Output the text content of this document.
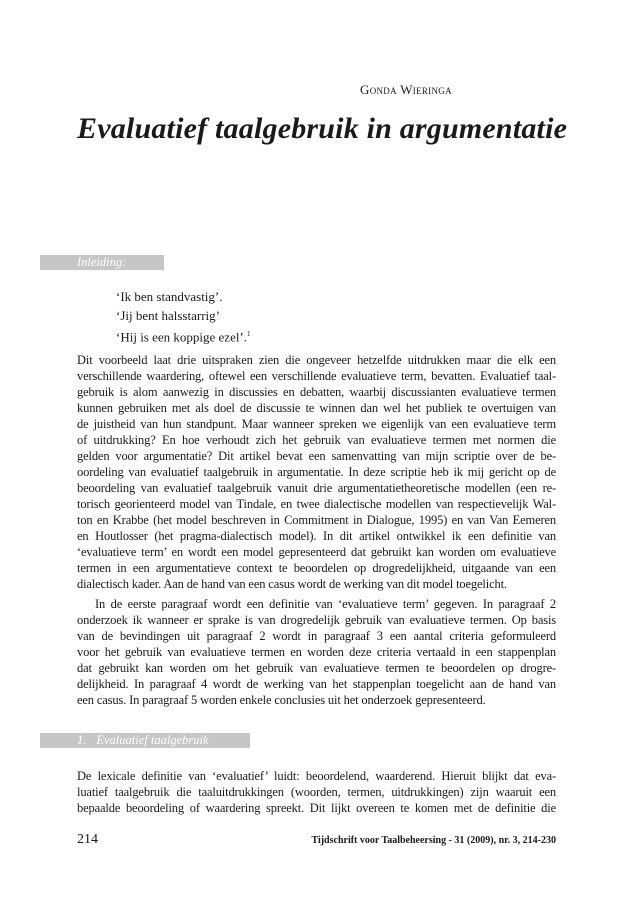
Gonda Wieringa
Evaluatief taalgebruik in argumentatie
Inleiding:
‘Ik ben standvastig’.
‘Jij bent halsstarrig’
‘Hij is een koppige ezel’.$^1$
Dit voorbeeld laat drie uitspraken zien die ongeveer hetzelfde uitdrukken maar die elk een
verschillende waardering, oftewel een verschillende evaluatieve term, bevatten. Evaluatief taal-
gebruik is alom aanwezig in discussies en debatten, waarbij discussianten evaluatieve termen
kunnen gebruiken met als doel de discussie te winnen dan wel het publiek te overtuigen van
de juistheid van hun standpunt. Maar wanneer spreken we eigenlijk van een evaluatieve term
of uitdrukking? En hoe verhoudt zich het gebruik van evaluatieve termen met normen die
gelden voor argumentatie? Dit artikel bevat een samenvatting van mijn scriptie over de be-
oordeling van evaluatief taalgebruik in argumentatie. In deze scriptie heb ik mij gericht op de
beoordeling van evaluatief taalgebruik vanuit drie argumentatietheoretische modellen (een re-
torisch georienteerd model van Tindale, en twee dialectische modellen van respectievelijk Wal-
ton en Krabbe (het model beschreven in Commitment in Dialogue, 1995) en van Van Eemeren
en Houtlosser (het pragma-dialectisch model). In dit artikel ontwikkel ik een definitie van
‘evaluatieve term’ en wordt een model gepresenteerd dat gebruikt kan worden om evaluatieve
termen in een argumentatieve context te beoordelen op drogredelijkheid, uitgaande van een
dialectisch kader. Aan de hand van een casus wordt de werking van dit model toegelicht.
In de eerste paragraaf wordt een definitie van ‘evaluatieve term’ gegeven. In paragraaf 2
onderzoek ik wanneer er sprake is van drogredelijk gebruik van evaluatieve termen. Op basis
van de bevindingen uit paragraaf 2 wordt in paragraaf 3 een aantal criteria geformuleerd
voor het gebruik van evaluatieve termen en worden deze criteria vertaald in een stappenplan
dat gebruikt kan worden om het gebruik van evaluatieve termen te beoordelen op drogre-
delijkheid. In paragraaf 4 wordt de werking van het stappenplan toegelicht aan de hand van
een casus. In paragraaf 5 worden enkele conclusies uit het onderzoek gepresenteerd.
1. Evaluatief taalgebruik
De lexicale definitie van ‘evaluatief’ luidt: beoordelend, waarderend. Hieruit blijkt dat eva-
luatief taalgebruik die taaluitdrukkingen (woorden, termen, uitdrukkingen) zijn waaruit een
bepaalde beoordeling of waardering spreekt. Dit lijkt overeen te komen met de definitie die
214	Tijdschrift voor Taalbeheersing - 31 (2009), nr. 3, 214-230
